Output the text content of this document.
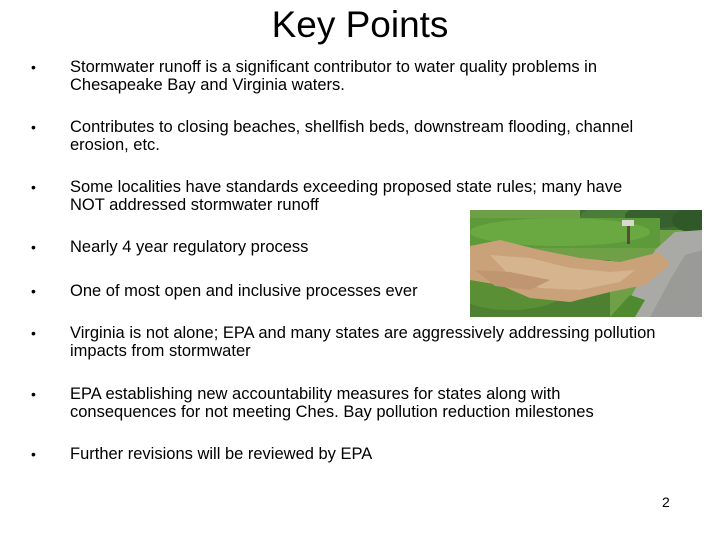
Key Points
• Stormwater runoff is a significant contributor to water quality problems in Chesapeake Bay and Virginia waters.
• Contributes to closing beaches, shellfish beds, downstream flooding, channel erosion, etc.
• Some localities have standards exceeding proposed state rules; many have NOT addressed stormwater runoff
• Nearly 4 year regulatory process
• One of most open and inclusive processes ever
• Virginia is not alone; EPA and many states are aggressively addressing pollution impacts from stormwater
• EPA establishing new accountability measures for states along with consequences for not meeting Ches. Bay pollution reduction milestones
• Further revisions will be reviewed by EPA
2
